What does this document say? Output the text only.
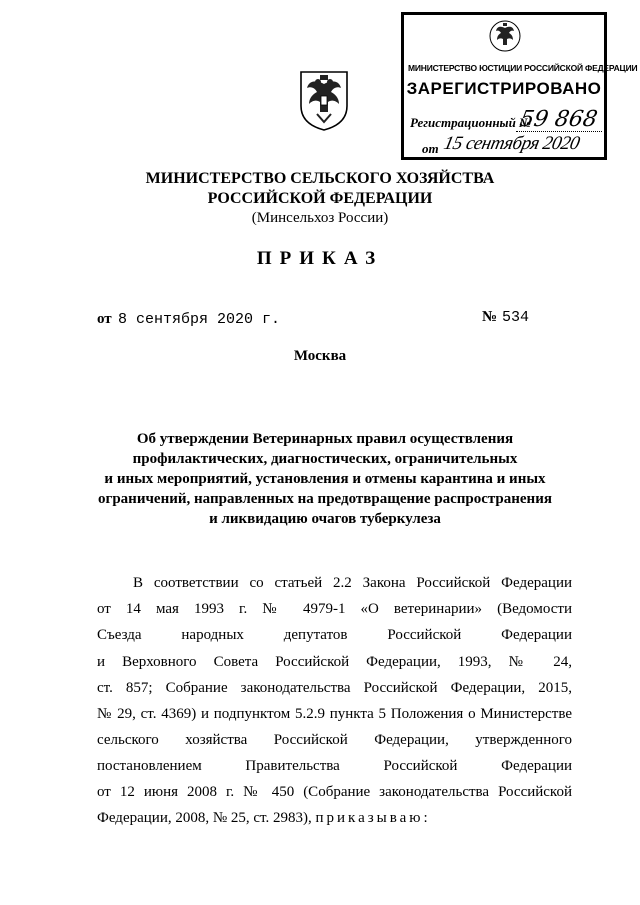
МИНИСТЕРСТВО ЮСТИЦИИ РОССИЙСКОЙ ФЕДЕРАЦИИ
ЗАРЕГИСТРИРОВАНО
Регистрационный №
59 868
от 15 сентября 2020
МИНИСТЕРСТВО СЕЛЬСКОГО ХОЗЯЙСТВА
РОССИЙСКОЙ ФЕДЕРАЦИИ
(Минсельхоз России)
ПРИКАЗ
от 8 сентября 2020 г.	№ 534
Москва
Об утверждении Ветеринарных правил осуществления
профилактических, диагностических, ограничительных
и иных мероприятий, установления и отмены карантина и иных
ограничений, направленных на предотвращение распространения
и ликвидацию очагов туберкулеза
В соответствии со статьей 2.2 Закона Российской Федерации
от 14 мая 1993 г. № 4979-1 «О ветеринарии» (Ведомости
Съезда народных депутатов Российской Федерации
и Верховного Совета Российской Федерации, 1993, № 24,
ст. 857; Собрание законодательства Российской Федерации, 2015,
№ 29, ст. 4369) и подпунктом 5.2.9 пункта 5 Положения о Министерстве
сельского хозяйства Российской Федерации, утвержденного
постановлением Правительства Российской Федерации
от 12 июня 2008 г. № 450 (Собрание законодательства Российской
Федерации, 2008, № 25, ст. 2983), приказываю:
